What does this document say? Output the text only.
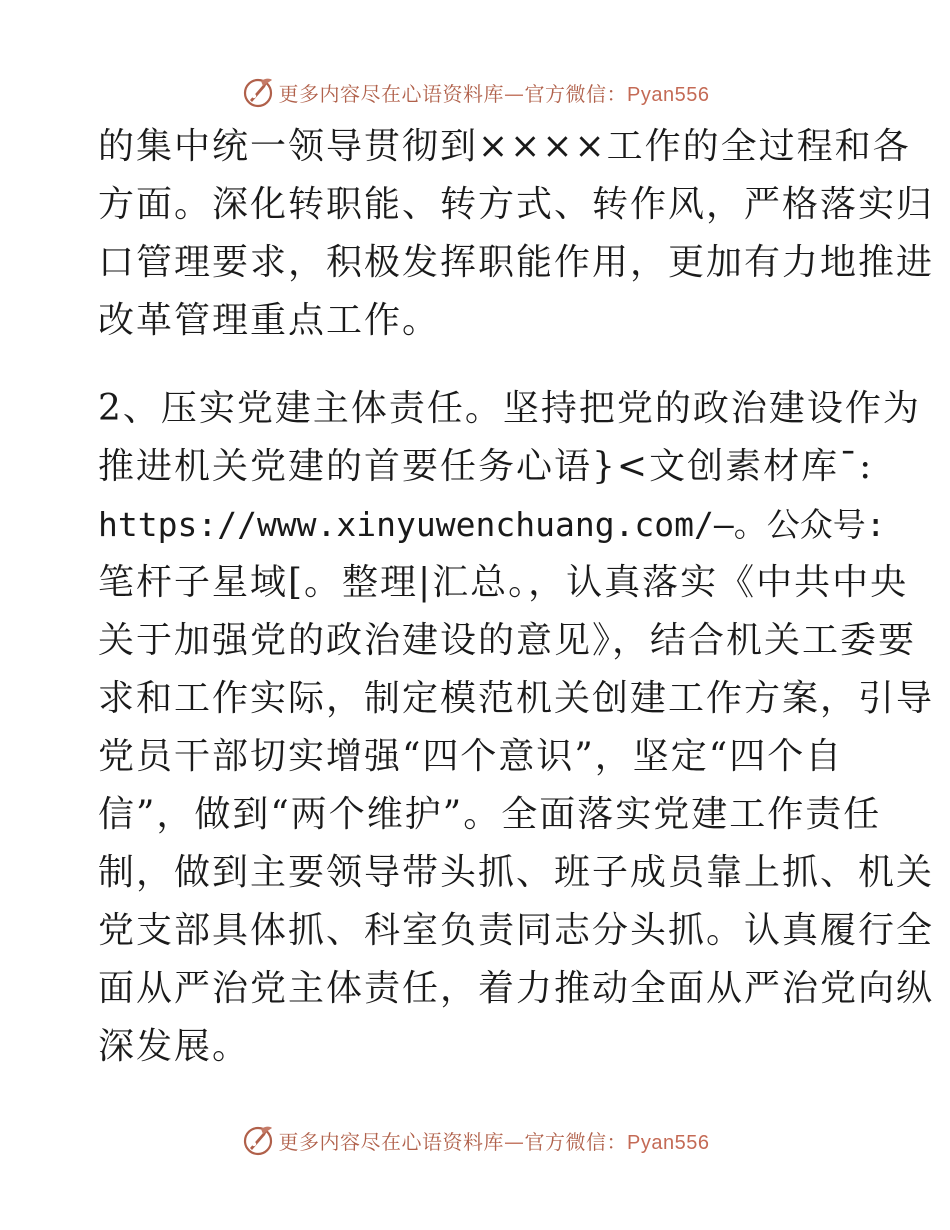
更多内容尽在心语资料库—官方微信：Pyan556
的集中统一领导贯彻到××××工作的全过程和各
方面。深化转职能、转方式、转作风，严格落实归
口管理要求，积极发挥职能作用，更加有力地推进
改革管理重点工作。
2、压实党建主体责任。坚持把党的政治建设作为
推进机关党建的首要任务心语}<文创素材库¯:
https://www.xinyuwenchuang.com/—。公众号:
笔杆子星域[。整理|汇总。，认真落实《中共中央
关于加强党的政治建设的意见》，结合机关工委要
求和工作实际，制定模范机关创建工作方案，引导
党员干部切实增强“四个意识”，坚定“四个自
信”，做到“两个维护”。全面落实党建工作责任
制，做到主要领导带头抓、班子成员靠上抓、机关
党支部具体抓、科室负责同志分头抓。认真履行全
面从严治党主体责任，着力推动全面从严治党向纵
深发展。
更多内容尽在心语资料库—官方微信：Pyan556
